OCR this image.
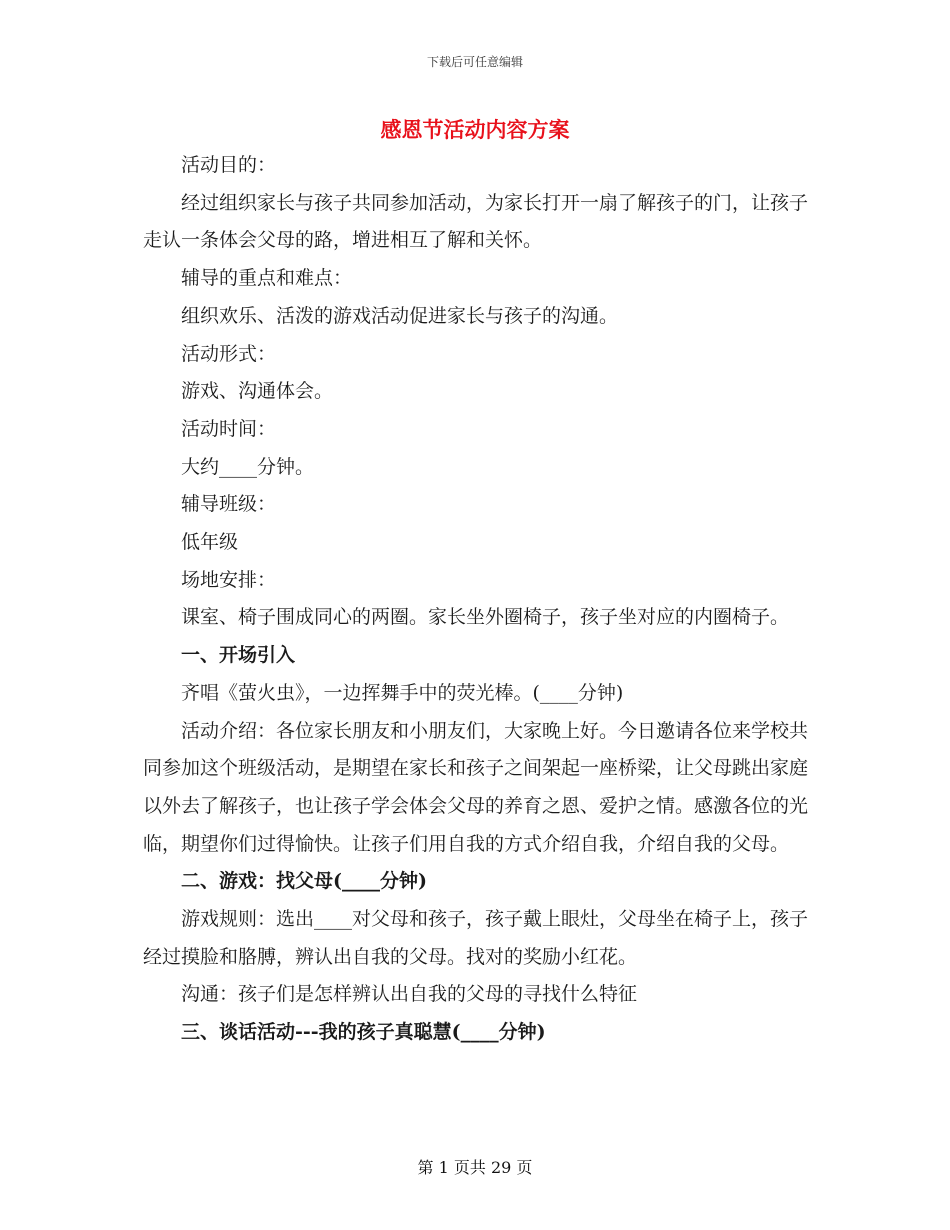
下载后可任意编辑
感恩节活动内容方案

活动目的：

经过组织家长与孩子共同参加活动，为家长打开一扇了解孩子的门，让孩子走认一条体会父母的路，增进相互了解和关怀。

辅导的重点和难点：

组织欢乐、活泼的游戏活动促进家长与孩子的沟通。

活动形式：

游戏、沟通体会。

活动时间：

大约____分钟。

辅导班级：

低年级

场地安排：

课室、椅子围成同心的两圈。家长坐外圈椅子，孩子坐对应的内圈椅子。

一、开场引入

齐唱《萤火虫》，一边挥舞手中的荧光棒。(____分钟)

活动介绍：各位家长朋友和小朋友们，大家晚上好。今日邀请各位来学校共同参加这个班级活动，是期望在家长和孩子之间架起一座桥梁，让父母跳出家庭以外去了解孩子，也让孩子学会体会父母的养育之恩、爱护之情。感激各位的光临，期望你们过得愉快。让孩子们用自我的方式介绍自我，介绍自我的父母。

二、游戏：找父母(____分钟)

游戏规则：选出____对父母和孩子，孩子戴上眼灶，父母坐在椅子上，孩子经过摸脸和胳膊，辨认出自我的父母。找对的奖励小红花。

沟通：孩子们是怎样辨认出自我的父母的寻找什么特征

三、谈话活动---我的孩子真聪慧(____分钟)

第 1 页共 29 页
